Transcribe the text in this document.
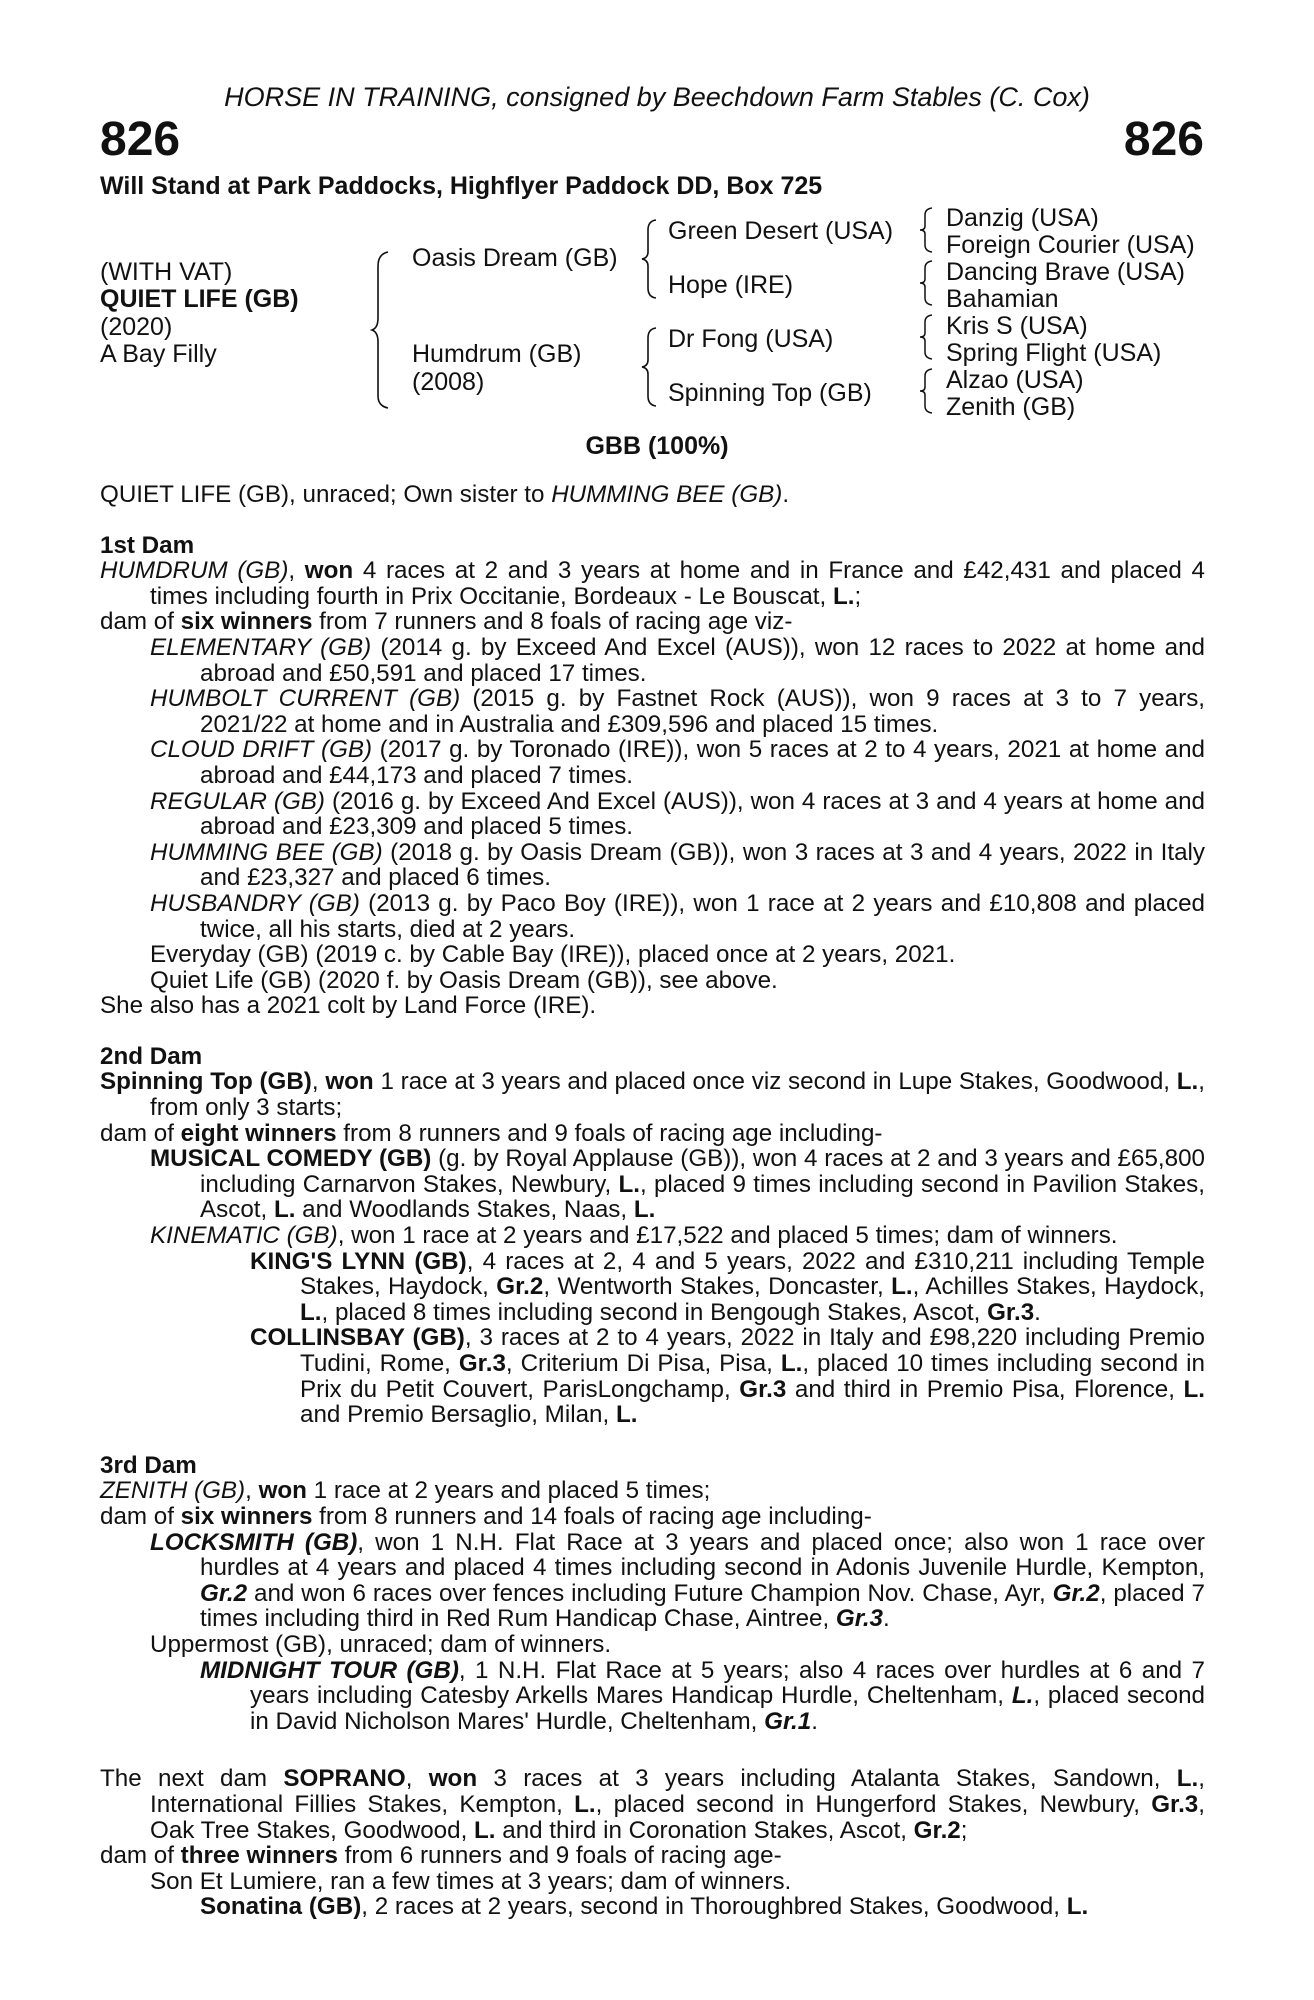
HORSE IN TRAINING, consigned by Beechdown Farm Stables (C. Cox)
826	826
Will Stand at Park Paddocks, Highflyer Paddock DD, Box 725
(WITH VAT)
QUIET LIFE (GB)
(2020)
A Bay Filly
Oasis Dream (GB)
Humdrum (GB)
(2008)
Green Desert (USA)
Hope (IRE)
Dr Fong (USA)
Spinning Top (GB)
Danzig (USA)
Foreign Courier (USA)
Dancing Brave (USA)
Bahamian
Kris S (USA)
Spring Flight (USA)
Alzao (USA)
Zenith (GB)
GBB (100%)

QUIET LIFE (GB), unraced; Own sister to HUMMING BEE (GB).

1st Dam

HUMDRUM (GB), won 4 races at 2 and 3 years at home and in France and £42,431 and placed 4 times including fourth in Prix Occitanie, Bordeaux - Le Bouscat, L.;

dam of six winners from 7 runners and 8 foals of racing age viz-

ELEMENTARY (GB) (2014 g. by Exceed And Excel (AUS)), won 12 races to 2022 at home and abroad and £50,591 and placed 17 times.

HUMBOLT CURRENT (GB) (2015 g. by Fastnet Rock (AUS)), won 9 races at 3 to 7 years, 2021/22 at home and in Australia and £309,596 and placed 15 times.

CLOUD DRIFT (GB) (2017 g. by Toronado (IRE)), won 5 races at 2 to 4 years, 2021 at home and abroad and £44,173 and placed 7 times.

REGULAR (GB) (2016 g. by Exceed And Excel (AUS)), won 4 races at 3 and 4 years at home and abroad and £23,309 and placed 5 times.

HUMMING BEE (GB) (2018 g. by Oasis Dream (GB)), won 3 races at 3 and 4 years, 2022 in Italy and £23,327 and placed 6 times.

HUSBANDRY (GB) (2013 g. by Paco Boy (IRE)), won 1 race at 2 years and £10,808 and placed twice, all his starts, died at 2 years.

Everyday (GB) (2019 c. by Cable Bay (IRE)), placed once at 2 years, 2021.

Quiet Life (GB) (2020 f. by Oasis Dream (GB)), see above.

She also has a 2021 colt by Land Force (IRE).

2nd Dam

Spinning Top (GB), won 1 race at 3 years and placed once viz second in Lupe Stakes, Goodwood, L., from only 3 starts;

dam of eight winners from 8 runners and 9 foals of racing age including-

MUSICAL COMEDY (GB) (g. by Royal Applause (GB)), won 4 races at 2 and 3 years and £65,800 including Carnarvon Stakes, Newbury, L., placed 9 times including second in Pavilion Stakes, Ascot, L. and Woodlands Stakes, Naas, L.

KINEMATIC (GB), won 1 race at 2 years and £17,522 and placed 5 times; dam of winners.

KING'S LYNN (GB), 4 races at 2, 4 and 5 years, 2022 and £310,211 including Temple Stakes, Haydock, Gr.2, Wentworth Stakes, Doncaster, L., Achilles Stakes, Haydock, L., placed 8 times including second in Bengough Stakes, Ascot, Gr.3.

COLLINSBAY (GB), 3 races at 2 to 4 years, 2022 in Italy and £98,220 including Premio Tudini, Rome, Gr.3, Criterium Di Pisa, Pisa, L., placed 10 times including second in Prix du Petit Couvert, ParisLongchamp, Gr.3 and third in Premio Pisa, Florence, L. and Premio Bersaglio, Milan, L.

3rd Dam

ZENITH (GB), won 1 race at 2 years and placed 5 times;

dam of six winners from 8 runners and 14 foals of racing age including-

LOCKSMITH (GB), won 1 N.H. Flat Race at 3 years and placed once; also won 1 race over hurdles at 4 years and placed 4 times including second in Adonis Juvenile Hurdle, Kempton, Gr.2 and won 6 races over fences including Future Champion Nov. Chase, Ayr, Gr.2, placed 7 times including third in Red Rum Handicap Chase, Aintree, Gr.3.

Uppermost (GB), unraced; dam of winners.

MIDNIGHT TOUR (GB), 1 N.H. Flat Race at 5 years; also 4 races over hurdles at 6 and 7 years including Catesby Arkells Mares Handicap Hurdle, Cheltenham, L., placed second in David Nicholson Mares' Hurdle, Cheltenham, Gr.1.

The next dam SOPRANO, won 3 races at 3 years including Atalanta Stakes, Sandown, L., International Fillies Stakes, Kempton, L., placed second in Hungerford Stakes, Newbury, Gr.3, Oak Tree Stakes, Goodwood, L. and third in Coronation Stakes, Ascot, Gr.2;

dam of three winners from 6 runners and 9 foals of racing age-

Son Et Lumiere, ran a few times at 3 years; dam of winners.

Sonatina (GB), 2 races at 2 years, second in Thoroughbred Stakes, Goodwood, L.
